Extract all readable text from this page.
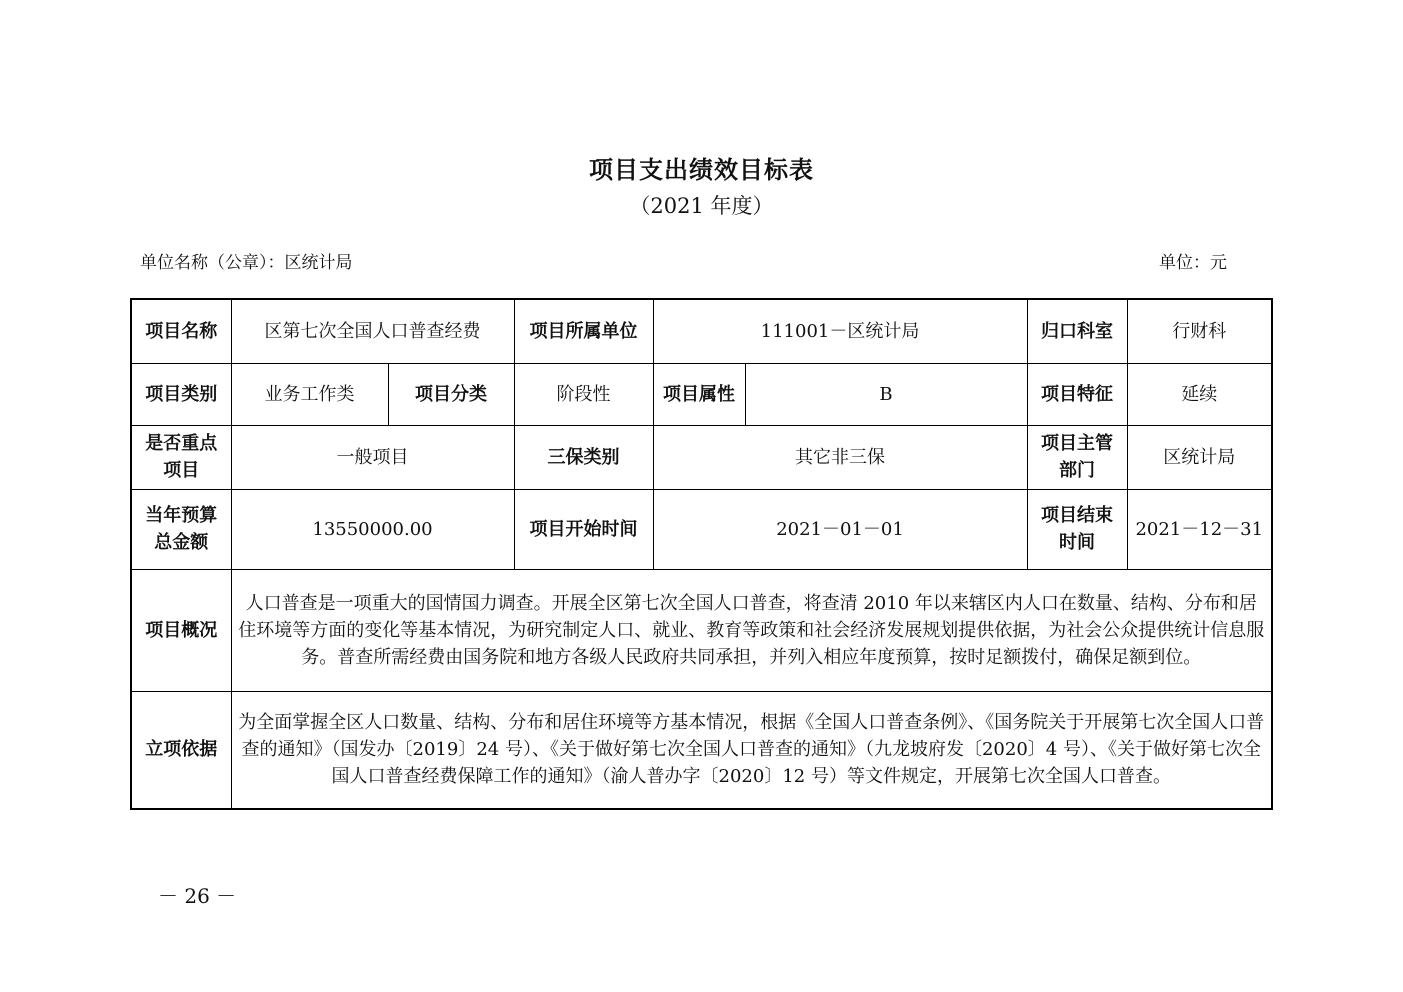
项目支出绩效目标表
（2021 年度）
单位名称（公章）：区统计局	单位：元
项目名称	区第七次全国人口普查经费		项目所属单位	111001－区统计局		归口科室	行财科
项目类别	业务工作类	项目分类	阶段性	项目属性	B	项目特征	延续
是否重点项目	一般项目		三保类别	其它非三保		项目主管部门	区统计局
当年预算总金额	13550000.00		项目开始时间	2021－01－01		项目结束时间	2021－12－31
项目概况	人口普查是一项重大的国情国力调查。开展全区第七次全国人口普查，将查清 2010 年以来辖区内人口在数量、结构、分布和居住环境等方面的变化等基本情况，为研究制定人口、就业、教育等政策和社会经济发展规划提供依据，为社会公众提供统计信息服务。普查所需经费由国务院和地方各级人民政府共同承担，并列入相应年度预算，按时足额拨付，确保足额到位。						
立项依据	为全面掌握全区人口数量、结构、分布和居住环境等方基本情况，根据《全国人口普查条例》、《国务院关于开展第七次全国人口普查的通知》（国发办〔2019〕24 号）、《关于做好第七次全国人口普查的通知》（九龙坡府发〔2020〕4 号）、《关于做好第七次全国人口普查经费保障工作的通知》（渝人普办字〔2020〕12 号）等文件规定，开展第七次全国人口普查。						
－ 26 －
